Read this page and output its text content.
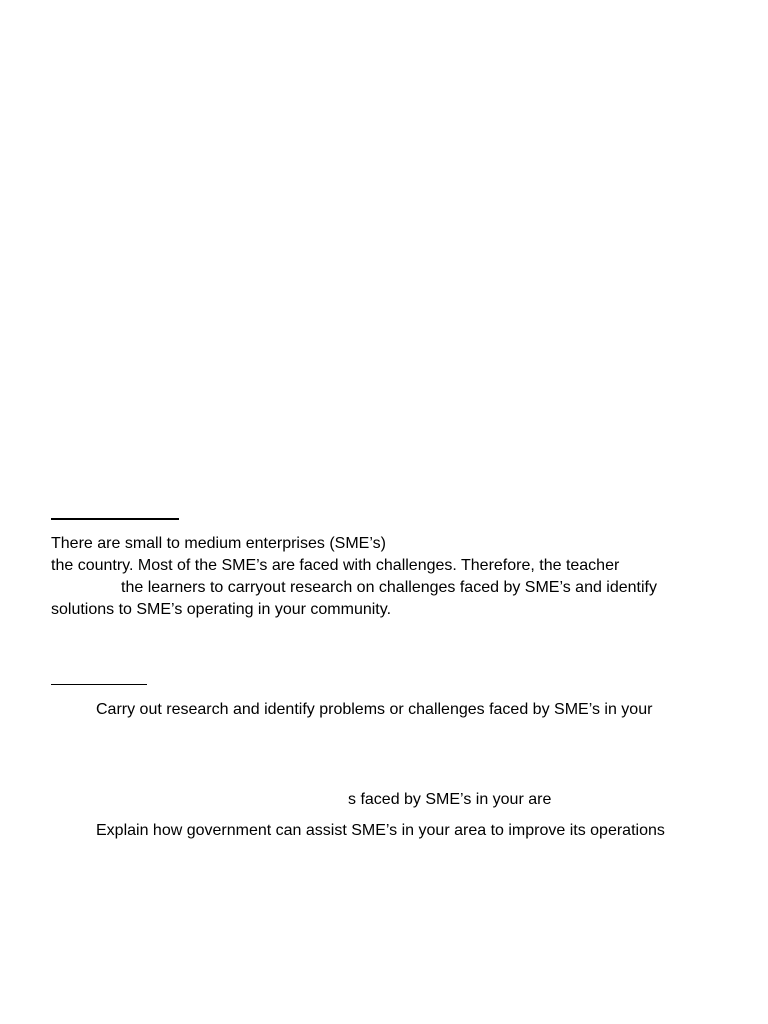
There are small to medium enterprises (SME’s)
the country. Most of the SME’s are faced with challenges. Therefore, the teacher
the learners to carryout research on challenges faced by SME’s and identify
solutions to SME’s operating in your community.
Carry out research and identify problems or challenges faced by SME’s in your
s faced by SME’s in your are
Explain how government can assist SME’s in your area to improve its operations
